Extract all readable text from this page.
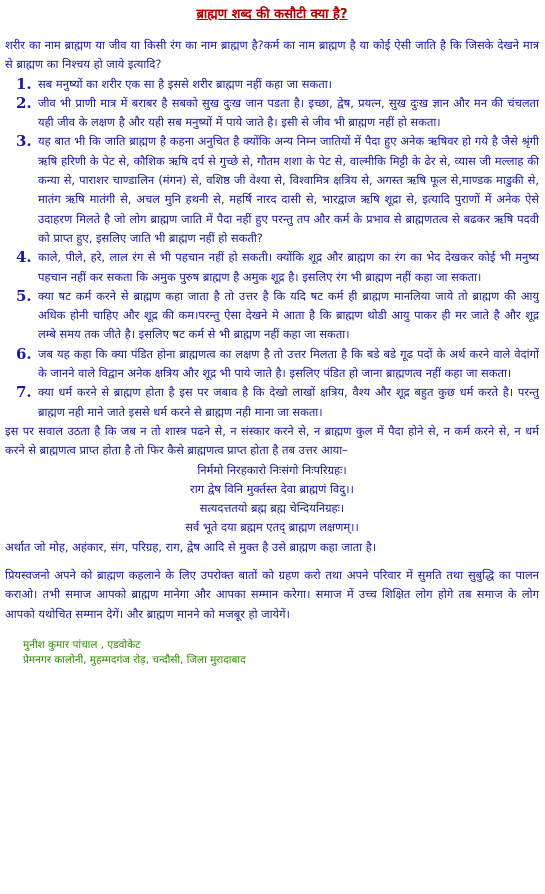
ब्राह्मण शब्द की कसौटी क्या है?

शरीर का नाम ब्राह्मण या जीव या किसी रंग का नाम ब्राह्मण है?कर्म का नाम ब्राह्मण है या कोई ऐसी जाति है कि जिसके देखने मात्र से ब्राह्मण का निश्चय हो जाये इत्यादि?

1. सब मनुष्यों का शरीर एक सा है इससे शरीर ब्राह्मण नहीं कहा जा सकता।
2. जीव भी प्राणी मात्र में बराबर है सबको सुख दुःख जान पडता है। इच्छा, द्वेष, प्रयत्न, सुख दुःख ज्ञान और मन की चंचलता यही जीव के लक्षण है और यही सब मनुष्यों में पाये जाते है। इसी से जीव भी ब्राह्मण नहीं हो सकता।
3. यह बात भी कि जाति ब्राह्मण है कहना अनुचित है क्योंकि अन्य निम्न जातियों में पैदा हुए अनेक ऋषिवर हो गये है जैसे श्रृंगी ऋषि हरिणी के पेट से, कौशिक ऋषि दर्प से गुच्छे से, गौतम शशा के पेट से, वाल्मीकि मिट्टी के ढेर से, व्यास जी मल्लाह की कन्या से, पाराशर चाण्डालिन (मंगन) से, वशिष्ठ जी वेश्या से, विश्वामित्र क्षत्रिय से, अगस्त ऋषि फूल से,माण्डक माडुकी से, मातंग ऋषि मातंगी से, अचल मुनि हथनी से, महर्षि नारद दासी से, भारद्वाज ऋषि शूद्रा से, इत्यादि पुराणों में अनेक ऐसे उदाहरण मिलते है जो लोग ब्राह्मण जाति में पैदा नहीं हुए परन्तु तप और कर्म के प्रभाव से ब्राह्मणतत्व से बढकर ऋषि पदवी को प्राप्त हुए, इसलिए जाति भी ब्राह्मण नहीं हो सकती?
4. काले, पीले, हरे, लाल रंग से भी पहचान नहीं हो सकती। क्योंकि शूद्र और ब्राह्मण का रंग का भेद देखकर कोई भी मनुष्य पहचान नहीं कर सकता कि अमुक पुरुष ब्राह्मण है अमुक शूद्र है। इसलिए रंग भी ब्राह्मण नहीं कहा जा सकता।
5. क्या षट कर्म करने से ब्राह्मण कहा जाता है तो उत्तर है कि यदि षट कर्म ही ब्राह्मण मानलिया जाये तो ब्राह्मण की आयु अधिक होनी चाहिए और शूद्र की कम।परन्तु ऐसा देखने मे आता है कि ब्राह्मण थोडी आयु पाकर ही मर जाते है और शूद्र लम्बे समय तक जीते है। इसलिए षट कर्म से भी ब्राह्मण नहीं कहा जा सकता।
6. जब यह कहा कि क्या पंडित होना ब्राह्मणत्व का लक्षण है तो उत्तर मिलता है कि बडे बडे गूढ पदों के अर्थ करने वाले वेदांगों के जानने वाले विद्वान अनेक क्षत्रिय और शूद्र भी पाये जाते है। इसलिए पंडित हो जाना ब्राह्मणत्व नहीं कहा जा सकता।
7. क्या धर्म करने से ब्राह्मण होता है इस पर जबाव है कि देखो लाखों क्षत्रिय, वैश्य और शूद्र बहुत कुछ धर्म करते है। परन्तु ब्राह्मण नही माने जाते इससे धर्म करने से ब्राह्मण नही माना जा सकता।

इस पर सवाल उठता है कि जब न तो शास्त्र पढने से, न संस्कार करने से, न ब्राह्मण कुल में पैदा होने से, न कर्म करने से, न धर्म करने से ब्राह्मणत्व प्राप्त होता है तो फिर कैसे ब्राह्मणत्व प्राप्त होता है तब उत्तर आया–

निर्ममो निरहकारो निःसंगो निःपरिग्रहः।

राग द्वेष विनि मुर्क्तस्त देवा ब्राह्मणं विदु।।

सत्यदत्ततयो ब्रह्म ब्रह्म चेन्दियनिग्रहः।

सर्व भूते दया ब्रह्मम एतद् ब्राह्मण लक्षणम्।।

अर्थात जो मोह, अहंकार, संग, परिग्रह, राग, द्वेष आदि से मुक्त है उसे ब्राह्मण कहा जाता है।

प्रियस्वजनो अपने को ब्राह्मण कहलाने के लिए उपरोक्त बातों को ग्रहण करो तथा अपने परिवार में सुमति तथा सुबुद्धि का पालन कराओ। तभी समाज आपको ब्राह्मण मानेगा और आपका सम्मान करेगा। समाज में उच्च शिक्षित लोग होगे तब समाज के लोग आपको यथोचित सम्मान देगें। और ब्राह्मण मानने को मजबूर हो जायेगें।

मुनीश कुमार पांचाल , एडवोकेट

प्रेमनगर कालोनी, मुहम्मदगंज रोड़, चन्दौसी, जिला मुरादाबाद
